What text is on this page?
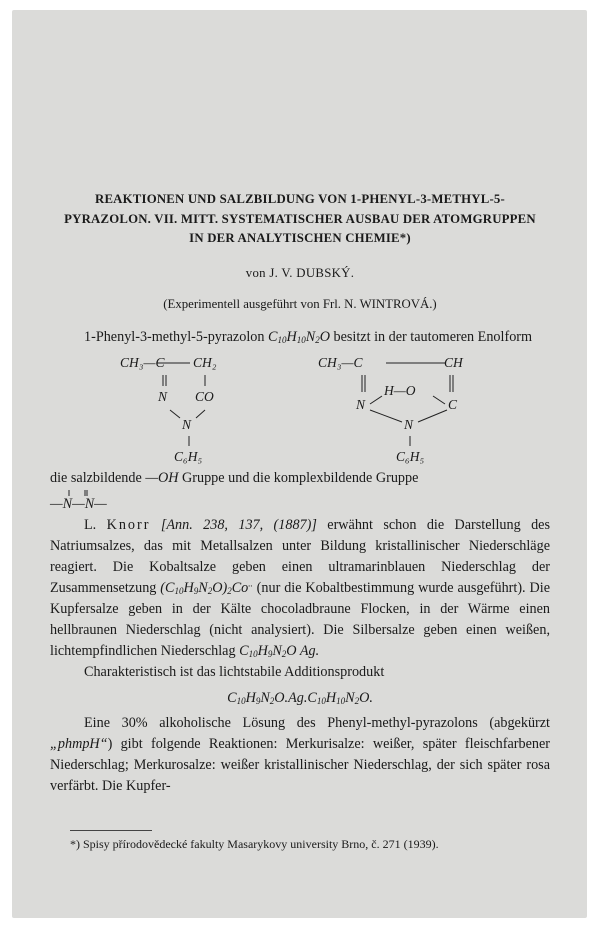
REAKTIONEN UND SALZBILDUNG VON 1-PHENYL-3-METHYL-5-PYRAZOLON. VII. MITT. SYSTEMATISCHER AUSBAU DER ATOMGRUPPEN IN DER ANALYTISCHEN CHEMIE*)
von J. V. DUBSKÝ.
(Experimentell ausgeführt von Frl. N. WINTROVÁ.)

1-Phenyl-3-methyl-5-pyrazolon $C_{10}H_{10}N_2O$ besitzt in der tautomeren Enolform

CH₃—C CH₂
N CO
N
C₆H₅
CH₃—C	CH
H—O
N	C
N
C₆H₅

die salzbildende —OH Gruppe und die komplexbildende Gruppe

—N—N—

L. Knorr [Ann. 238, 137, (1887)] erwähnt schon die Darstellung des Natriumsalzes, das mit Metallsalzen unter Bildung kristallinischer Niederschläge reagiert. Die Kobaltsalze geben einen ultramarinblauen Niederschlag der Zusammensetzung $(C_{10}H_9N_2O)_2Co^{..}$ (nur die Kobaltbestimmung wurde ausgeführt). Die Kupfersalze geben in der Kälte chocoladbraune Flocken, in der Wärme einen hellbraunen Niederschlag (nicht analysiert). Die Silbersalze geben einen weißen, lichtempfindlichen Niederschlag $C_{10}H_9N_2O$ Ag.

Charakteristisch ist das lichtstabile Additionsprodukt

$C_{10}H_9N_2O.Ag.C_{10}H_{10}N_2O$.

Eine 30% alkoholische Lösung des Phenyl-methyl-pyrazolons (abgekürzt „phmpH“) gibt folgende Reaktionen: Merkurisalze: weißer, später fleischfarbener Niederschlag; Merkurosalze: weißer kristallinischer Niederschlag, der sich später rosa verfärbt. Die Kupfer-

*) Spisy přírodovědecké fakulty Masarykovy university Brno, č. 271 (1939).
